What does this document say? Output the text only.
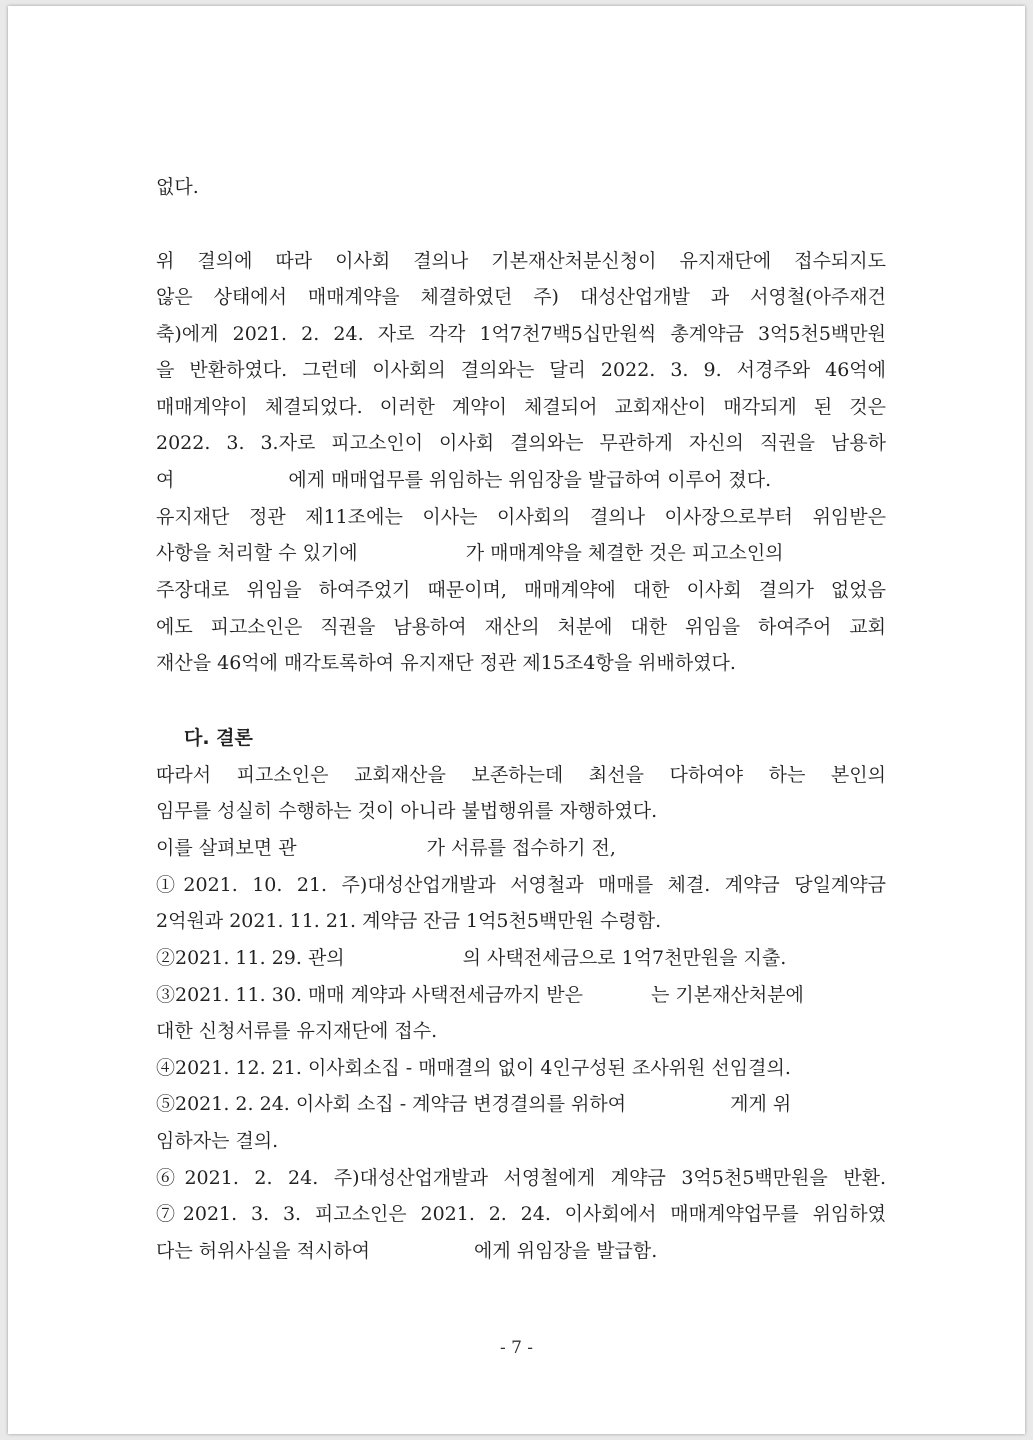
없다.
위 결의에 따라 이사회 결의나 기본재산처분신청이 유지재단에 접수되지도
않은 상태에서 매매계약을 체결하였던 주) 대성산업개발 과 서영철(아주재건
축)에게 2021. 2. 24. 자로 각각 1억7천7백5십만원씩 총계약금 3억5천5백만원
을 반환하였다. 그런데 이사회의 결의와는 달리 2022. 3. 9. 서경주와 46억에
매매계약이 체결되었다. 이러한 계약이 체결되어 교회재산이 매각되게 된 것은
2022. 3. 3.자로 피고소인이 이사회 결의와는 무관하게 자신의 직권을 남용하
여	에게 매매업무를 위임하는 위임장을 발급하여 이루어 졌다.
유지재단 정관 제11조에는 이사는 이사회의 결의나 이사장으로부터 위임받은
사항을 처리할 수 있기에	가 매매계약을 체결한 것은 피고소인의
주장대로 위임을 하여주었기 때문이며, 매매계약에 대한 이사회 결의가 없었음
에도 피고소인은 직권을 남용하여 재산의 처분에 대한 위임을 하여주어 교회
재산을 46억에 매각토록하여 유지재단 정관 제15조4항을 위배하였다.
다. 결론
따라서 피고소인은 교회재산을 보존하는데 최선을 다하여야 하는 본인의
임무를 성실히 수행하는 것이 아니라 불법행위를 자행하였다.
이를 살펴보면 관	가 서류를 접수하기 전,
①2021. 10. 21. 주)대성산업개발과 서영철과 매매를 체결. 계약금 당일계약금
2억원과 2021. 11. 21. 계약금 잔금 1억5천5백만원 수령함.
②2021. 11. 29. 관의	의 사택전세금으로 1억7천만원을 지출.
③2021. 11. 30. 매매 계약과 사택전세금까지 받은	는 기본재산처분에
대한 신청서류를 유지재단에 접수.
④2021. 12. 21. 이사회소집 - 매매결의 없이 4인구성된 조사위원 선임결의.
⑤2021. 2. 24. 이사회 소집 - 계약금 변경결의를 위하여	게게 위
임하자는 결의.
⑥2021. 2. 24. 주)대성산업개발과 서영철에게 계약금 3억5천5백만원을 반환.
⑦2021. 3. 3. 피고소인은 2021. 2. 24. 이사회에서 매매계약업무를 위임하였
다는 허위사실을 적시하여	에게 위임장을 발급함.
- 7 -
